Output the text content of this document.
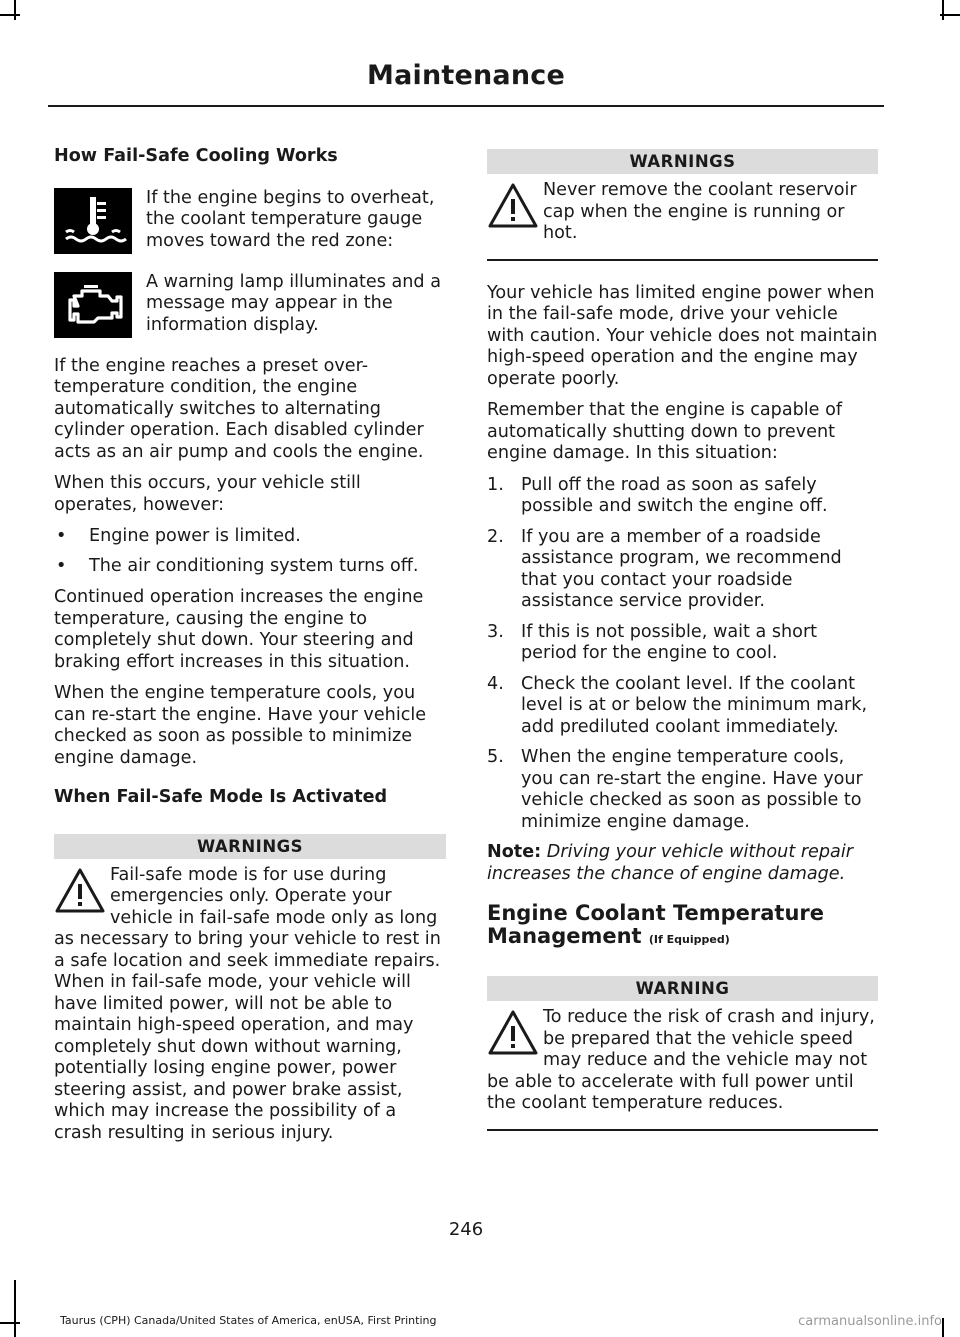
Maintenance

How Fail-Safe Cooling Works

If the engine begins to overheat, the coolant temperature gauge moves toward the red zone:

A warning lamp illuminates and a message may appear in the information display.

If the engine reaches a preset over-temperature condition, the engine automatically switches to alternating cylinder operation. Each disabled cylinder acts as an air pump and cools the engine.

When this occurs, your vehicle still operates, however:

• Engine power is limited.
• The air conditioning system turns off.

Continued operation increases the engine temperature, causing the engine to completely shut down. Your steering and braking effort increases in this situation.

When the engine temperature cools, you can re-start the engine. Have your vehicle checked as soon as possible to minimize engine damage.

When Fail-Safe Mode Is Activated

WARNINGS

Fail-safe mode is for use during emergencies only. Operate your vehicle in fail-safe mode only as long as necessary to bring your vehicle to rest in a safe location and seek immediate repairs. When in fail-safe mode, your vehicle will have limited power, will not be able to maintain high-speed operation, and may completely shut down without warning, potentially losing engine power, power steering assist, and power brake assist, which may increase the possibility of a crash resulting in serious injury.

WARNINGS

Never remove the coolant reservoir cap when the engine is running or hot.

Your vehicle has limited engine power when in the fail-safe mode, drive your vehicle with caution. Your vehicle does not maintain high-speed operation and the engine may operate poorly.

Remember that the engine is capable of automatically shutting down to prevent engine damage. In this situation:

1. Pull off the road as soon as safely possible and switch the engine off.
2. If you are a member of a roadside assistance program, we recommend that you contact your roadside assistance service provider.
3. If this is not possible, wait a short period for the engine to cool.
4. Check the coolant level. If the coolant level is at or below the minimum mark, add prediluted coolant immediately.
5. When the engine temperature cools, you can re-start the engine. Have your vehicle checked as soon as possible to minimize engine damage.

Note: Driving your vehicle without repair increases the chance of engine damage.

Engine Coolant Temperature Management (If Equipped)

WARNING

To reduce the risk of crash and injury, be prepared that the vehicle speed may reduce and the vehicle may not be able to accelerate with full power until the coolant temperature reduces.

246
Taurus (CPH) Canada/United States of America, enUSA, First Printing	carmanualsonline.info
